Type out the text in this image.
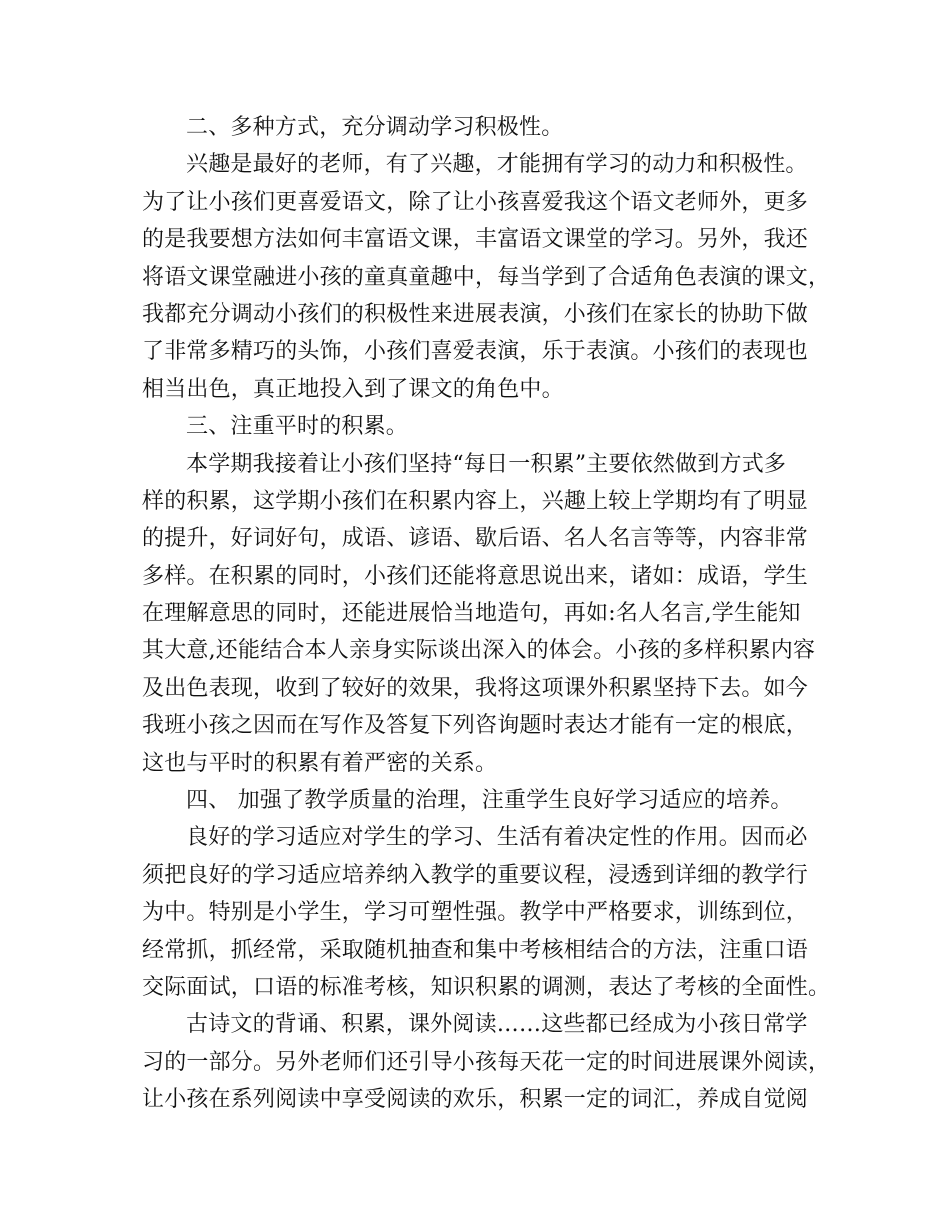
二、多种方式，充分调动学习积极性。
兴趣是最好的老师，有了兴趣，才能拥有学习的动力和积极性。
为了让小孩们更喜爱语文，除了让小孩喜爱我这个语文老师外，更多
的是我要想方法如何丰富语文课，丰富语文课堂的学习。另外，我还
将语文课堂融进小孩的童真童趣中，每当学到了合适角色表演的课文，
我都充分调动小孩们的积极性来进展表演，小孩们在家长的协助下做
了非常多精巧的头饰，小孩们喜爱表演，乐于表演。小孩们的表现也
相当出色，真正地投入到了课文的角色中。
三、注重平时的积累。
本学期我接着让小孩们坚持“每日一积累”主要依然做到方式多
样的积累，这学期小孩们在积累内容上，兴趣上较上学期均有了明显
的提升，好词好句，成语、谚语、歇后语、名人名言等等，内容非常
多样。在积累的同时，小孩们还能将意思说出来，诸如：成语，学生
在理解意思的同时，还能进展恰当地造句，再如:名人名言,学生能知
其大意,还能结合本人亲身实际谈出深入的体会。小孩的多样积累内容
及出色表现，收到了较好的效果，我将这项课外积累坚持下去。如今
我班小孩之因而在写作及答复下列咨询题时表达才能有一定的根底，
这也与平时的积累有着严密的关系。
四、 加强了教学质量的治理，注重学生良好学习适应的培养。
良好的学习适应对学生的学习、生活有着决定性的作用。因而必
须把良好的学习适应培养纳入教学的重要议程，浸透到详细的教学行
为中。特别是小学生，学习可塑性强。教学中严格要求，训练到位，
经常抓，抓经常，采取随机抽查和集中考核相结合的方法，注重口语
交际面试，口语的标准考核，知识积累的调测，表达了考核的全面性。
古诗文的背诵、积累，课外阅读……这些都已经成为小孩日常学
习的一部分。另外老师们还引导小孩每天花一定的时间进展课外阅读，
让小孩在系列阅读中享受阅读的欢乐，积累一定的词汇，养成自觉阅
